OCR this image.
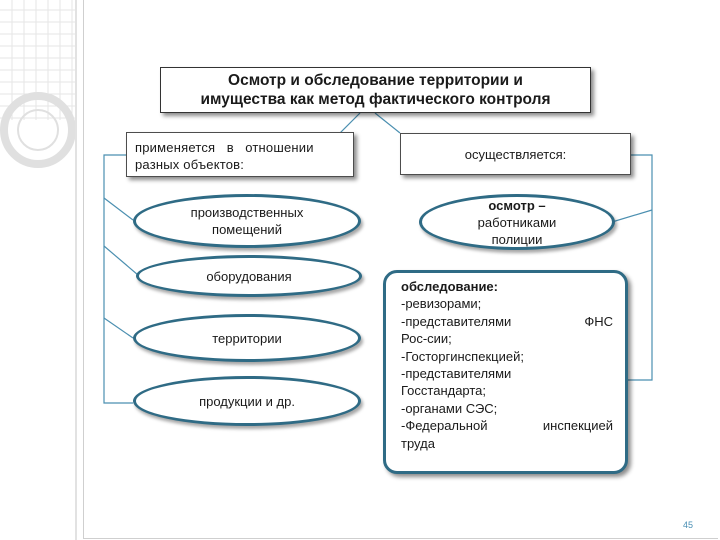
Осмотр и обследование территории и
имущества как метод фактического контроля
применяется   в   отношении
разных объектов:
осуществляется:
производственных
помещений
оборудования
территории
продукции и др.
осмотр –
работниками
полиции
обследование:
-ревизорами;
-представителями	ФНС
Рос-сии;
-Госторгинспекцией;
-представителями
Госстандарта;
-органами СЭС;
-Федеральной инспекцией
труда
45
